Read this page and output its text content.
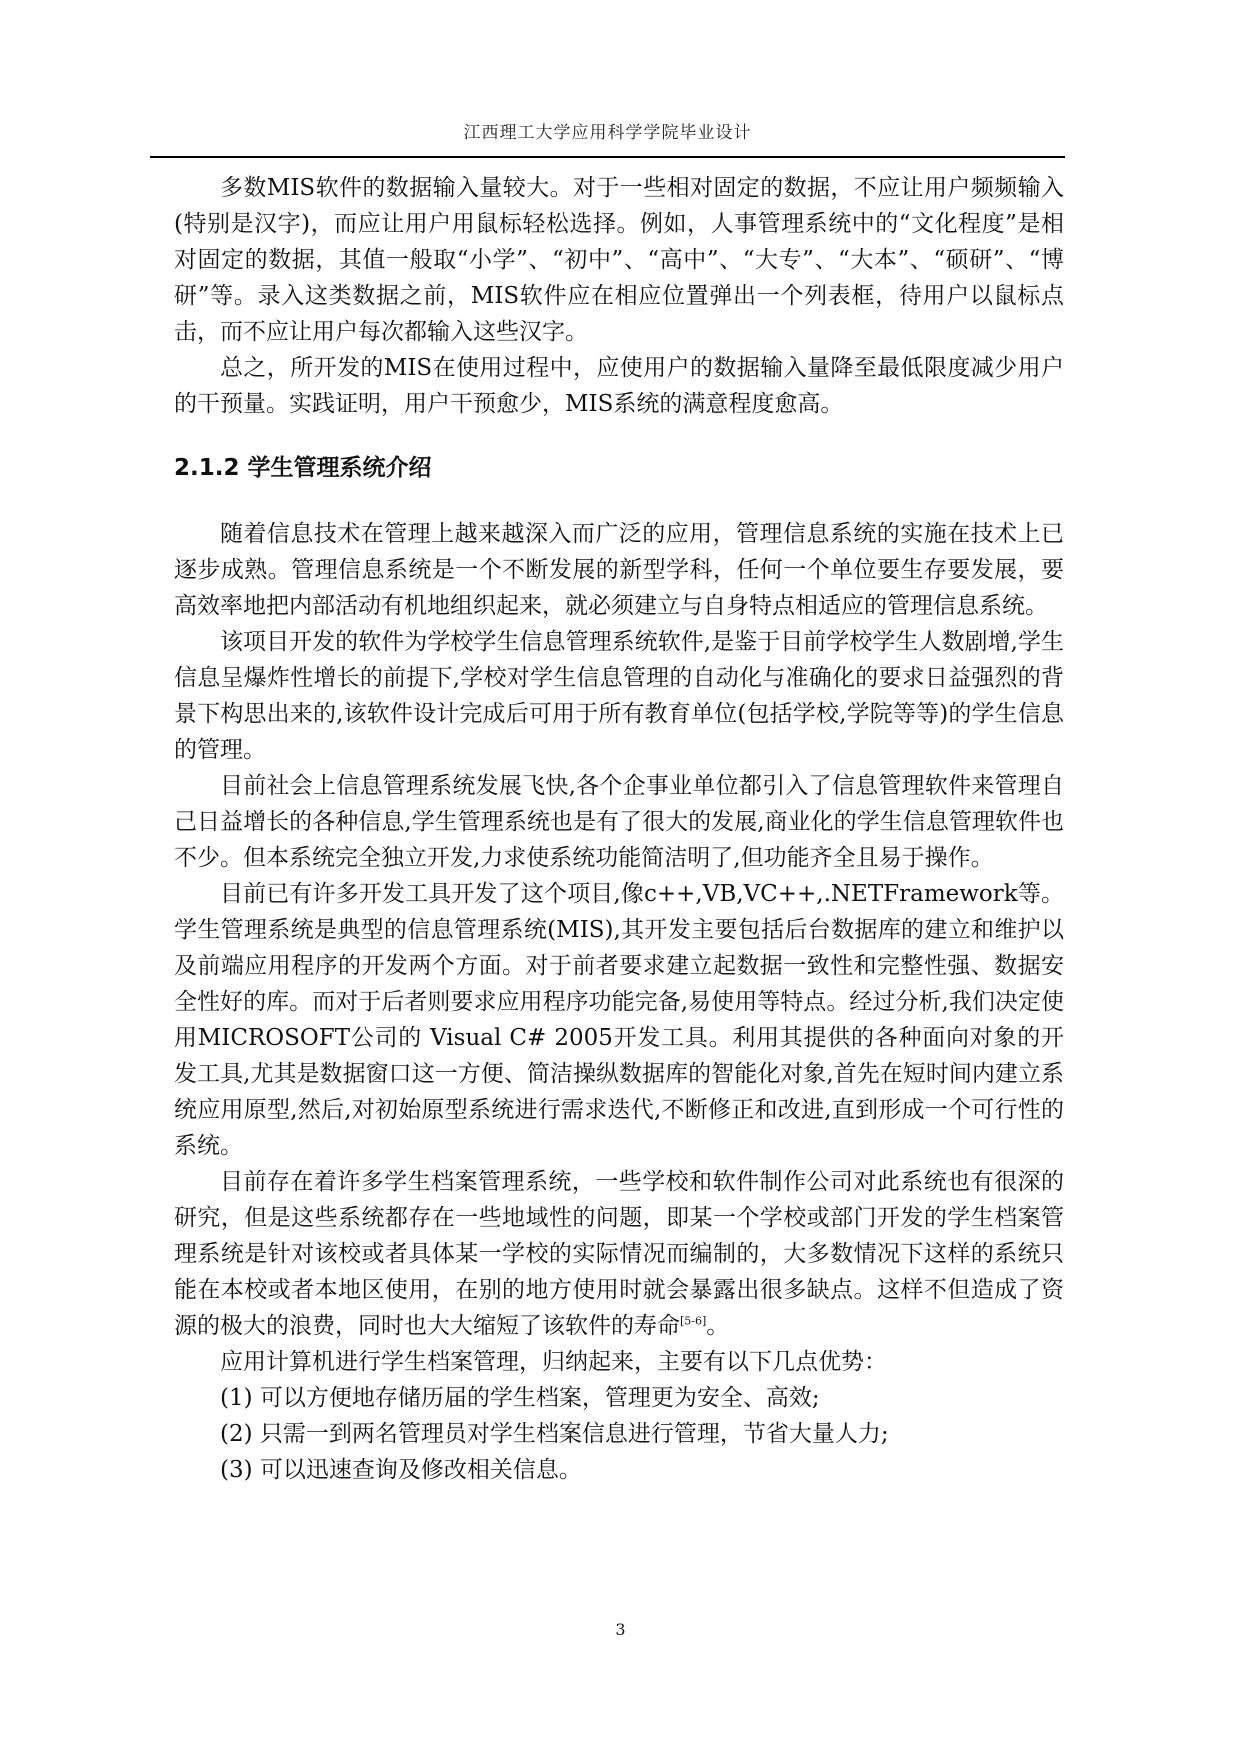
江西理工大学应用科学学院毕业设计

多数MIS软件的数据输入量较大。对于一些相对固定的数据，不应让用户频频输入(特别是汉字)，而应让用户用鼠标轻松选择。例如，人事管理系统中的“文化程度”是相对固定的数据，其值一般取“小学”、“初中”、“高中”、“大专”、“大本”、“硕研”、“博研”等。录入这类数据之前，MIS软件应在相应位置弹出一个列表框，待用户以鼠标点击，而不应让用户每次都输入这些汉字。

总之，所开发的MIS在使用过程中，应使用户的数据输入量降至最低限度减少用户的干预量。实践证明，用户干预愈少，MIS系统的满意程度愈高。

2.1.2 学生管理系统介绍

随着信息技术在管理上越来越深入而广泛的应用，管理信息系统的实施在技术上已逐步成熟。管理信息系统是一个不断发展的新型学科，任何一个单位要生存要发展，要高效率地把内部活动有机地组织起来，就必须建立与自身特点相适应的管理信息系统。

该项目开发的软件为学校学生信息管理系统软件,是鉴于目前学校学生人数剧增,学生信息呈爆炸性增长的前提下,学校对学生信息管理的自动化与准确化的要求日益强烈的背景下构思出来的,该软件设计完成后可用于所有教育单位(包括学校,学院等等)的学生信息的管理。

目前社会上信息管理系统发展飞快,各个企事业单位都引入了信息管理软件来管理自己日益增长的各种信息,学生管理系统也是有了很大的发展,商业化的学生信息管理软件也不少。但本系统完全独立开发,力求使系统功能简洁明了,但功能齐全且易于操作。

目前已有许多开发工具开发了这个项目,像c++,VB,VC++,.NETFramework等。学生管理系统是典型的信息管理系统(MIS),其开发主要包括后台数据库的建立和维护以及前端应用程序的开发两个方面。对于前者要求建立起数据一致性和完整性强、数据安全性好的库。而对于后者则要求应用程序功能完备,易使用等特点。经过分析,我们决定使用MICROSOFT公司的 Visual C# 2005开发工具。利用其提供的各种面向对象的开发工具,尤其是数据窗口这一方便、简洁操纵数据库的智能化对象,首先在短时间内建立系统应用原型,然后,对初始原型系统进行需求迭代,不断修正和改进,直到形成一个可行性的系统。

目前存在着许多学生档案管理系统，一些学校和软件制作公司对此系统也有很深的研究，但是这些系统都存在一些地域性的问题，即某一个学校或部门开发的学生档案管理系统是针对该校或者具体某一学校的实际情况而编制的，大多数情况下这样的系统只能在本校或者本地区使用，在别的地方使用时就会暴露出很多缺点。这样不但造成了资源的极大的浪费，同时也大大缩短了该软件的寿命[5-6]。

应用计算机进行学生档案管理，归纳起来，主要有以下几点优势：

(1) 可以方便地存储历届的学生档案，管理更为安全、高效;

(2) 只需一到两名管理员对学生档案信息进行管理，节省大量人力;

(3) 可以迅速查询及修改相关信息。

3
